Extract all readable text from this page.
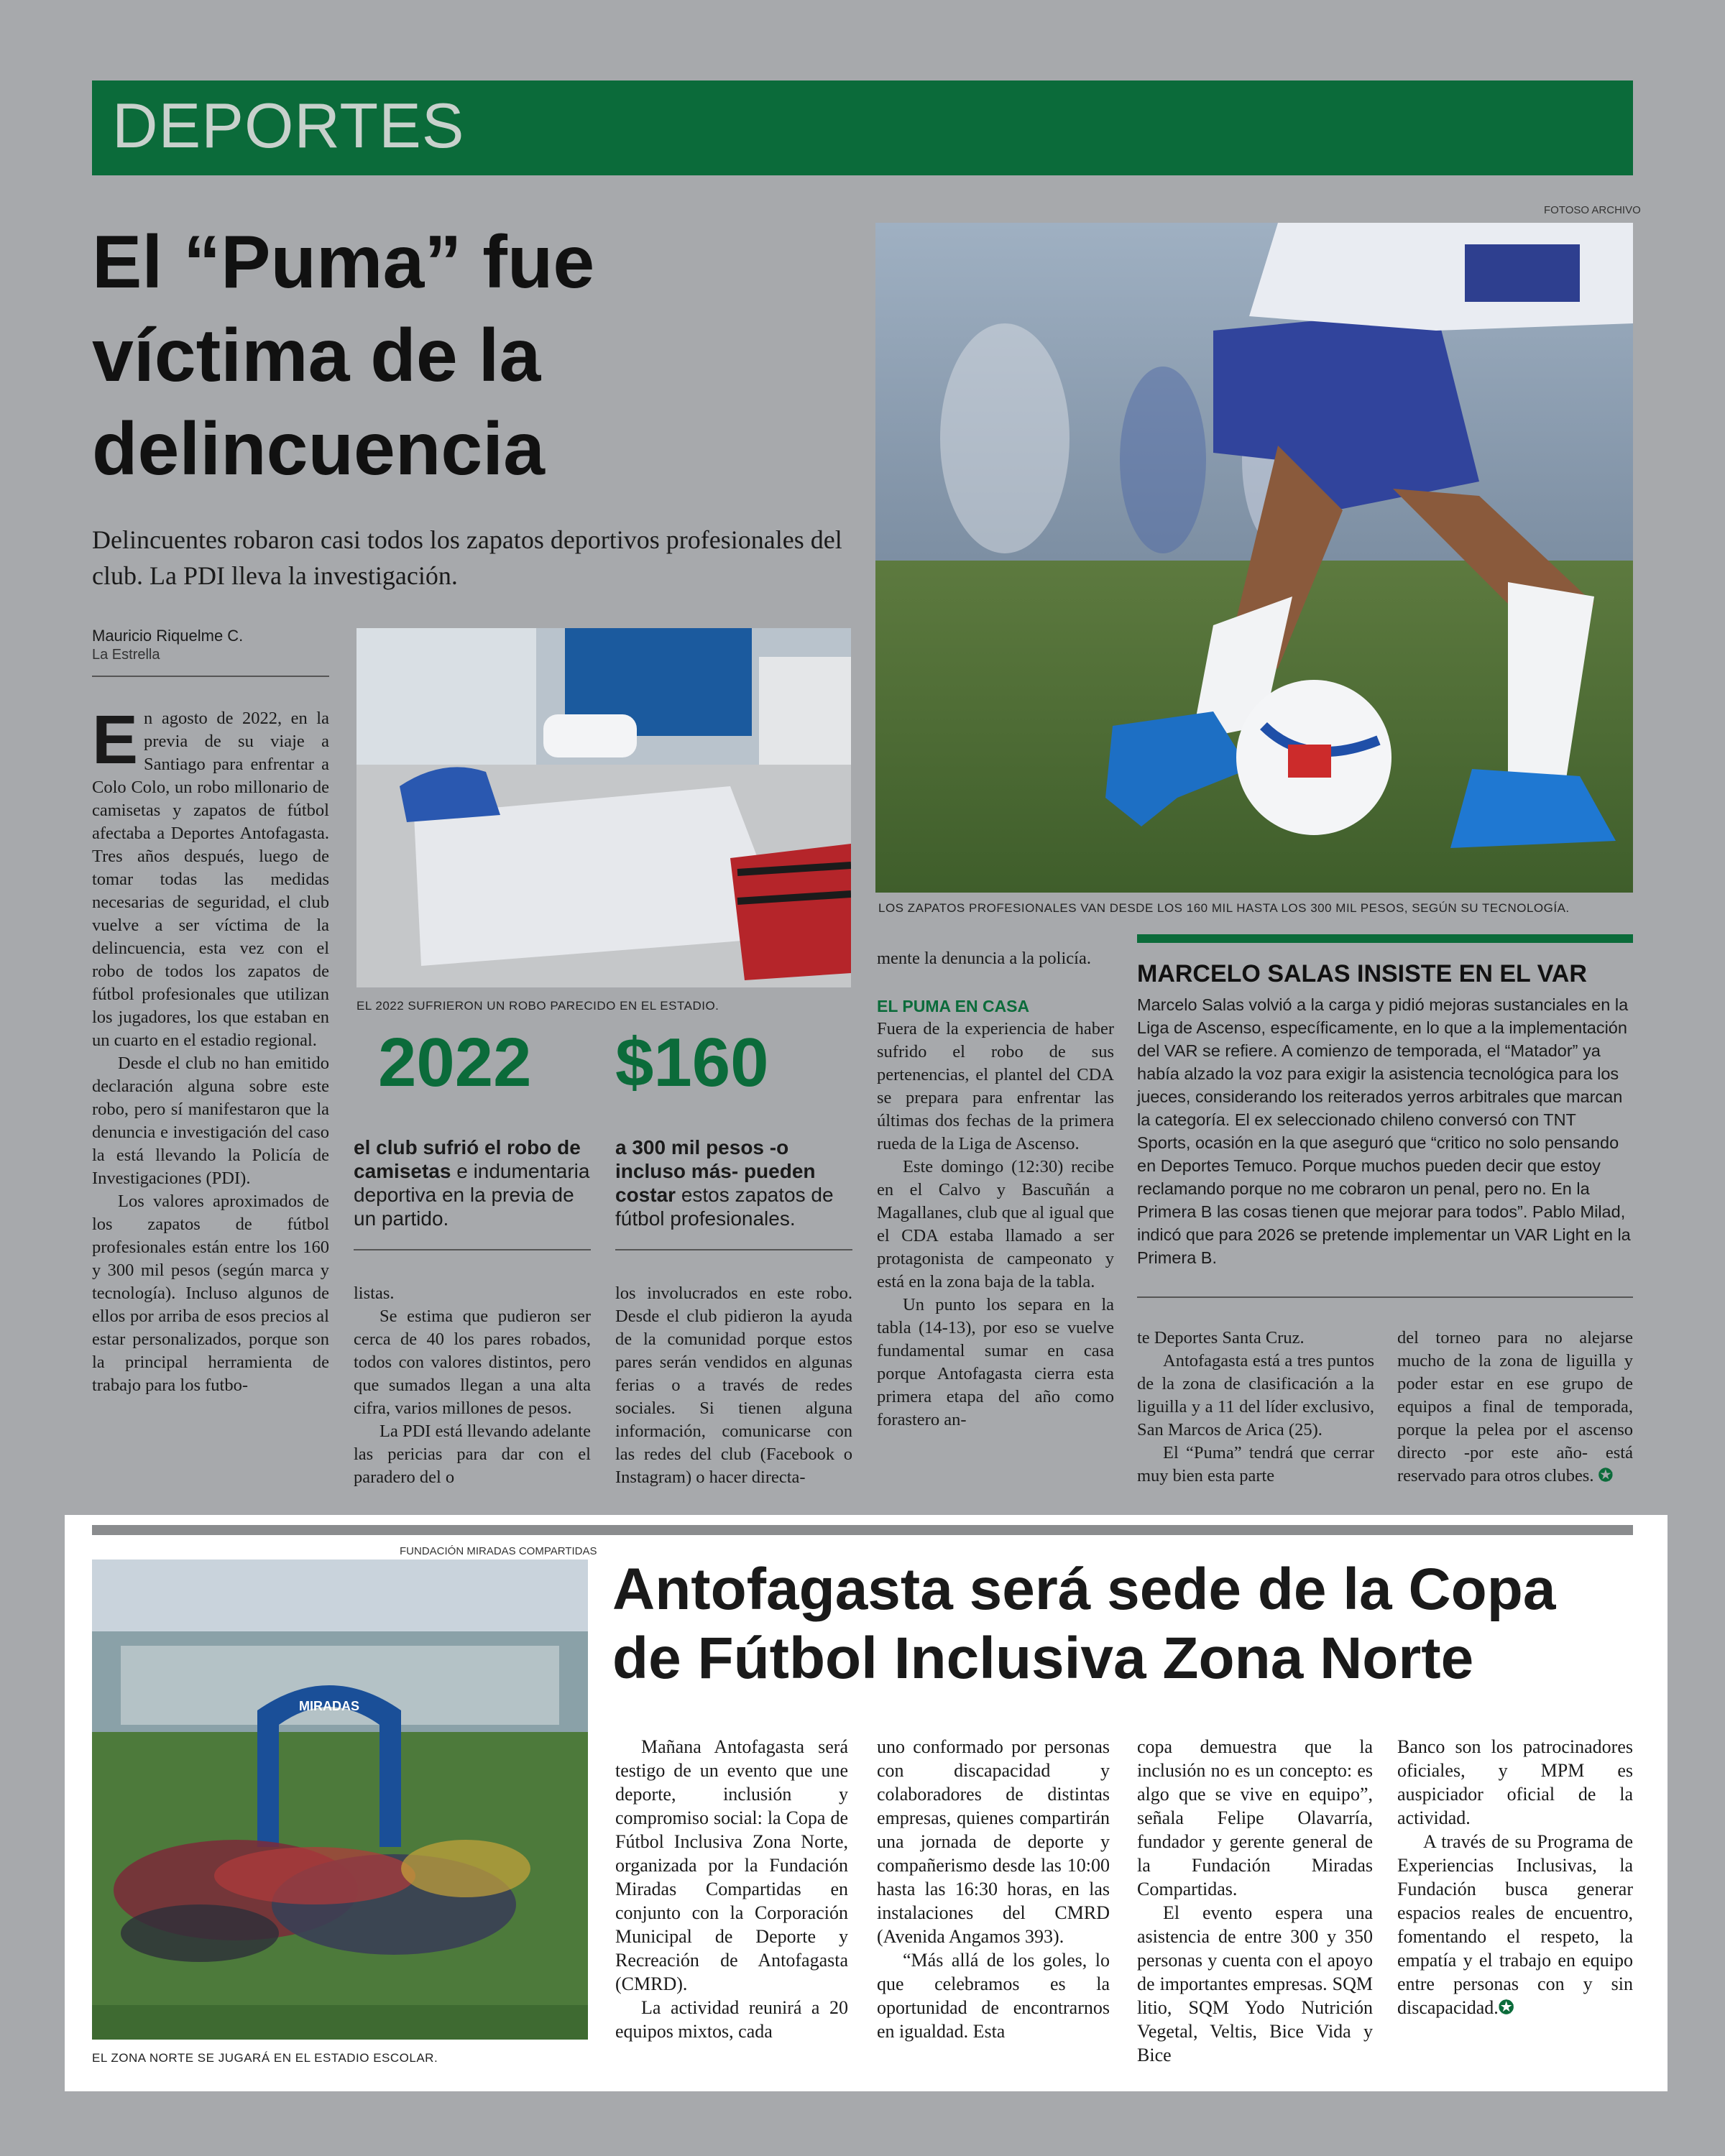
DEPORTES
El “Puma” fue víctima de la delincuencia

Delincuentes robaron casi todos los zapatos deportivos profesionales del club. La PDI lleva la investigación.

Mauricio Riquelme C.
La Estrella
FOTOSO ARCHIVO
LOS ZAPATOS PROFESIONALES VAN DESDE LOS 160 MIL HASTA LOS 300 MIL PESOS, SEGÚN SU TECNOLOGÍA.
EL 2022 SUFRIERON UN ROBO PARECIDO EN EL ESTADIO.

En agosto de 2022, en la previa de su viaje a Santiago para enfrentar a Colo Colo, un robo millonario de camisetas y zapatos de fútbol afectaba a Deportes Antofagasta. Tres años después, luego de tomar todas las medidas necesarias de seguridad, el club vuelve a ser víctima de la delincuencia, esta vez con el robo de todos los zapatos de fútbol profesionales que utilizan los jugadores, los que estaban en un cuarto en el estadio regional.

Desde el club no han emitido declaración alguna sobre este robo, pero sí manifestaron que la denuncia e investigación del caso la está llevando la Policía de Investigaciones (PDI).

Los valores aproximados de los zapatos de fútbol profesionales están entre los 160 y 300 mil pesos (según marca y tecnología). Incluso algunos de ellos por arriba de esos precios al estar personalizados, porque son la principal herramienta de trabajo para los futbo-

2022
el club sufrió el robo de camisetas e indumentaria deportiva en la previa de un partido.
$160
a 300 mil pesos -o incluso más- pueden costar estos zapatos de fútbol profesionales.

listas.

Se estima que pudieron ser cerca de 40 los pares robados, todos con valores distintos, pero que sumados llegan a una alta cifra, varios millones de pesos.

La PDI está llevando adelante las pericias para dar con el paradero del o

los involucrados en este robo. Desde el club pidieron la ayuda de la comunidad porque estos pares serán vendidos en algunas ferias o a través de redes sociales. Si tienen alguna información, comunicarse con las redes del club (Facebook o Instagram) o hacer directa-

mente la denuncia a la policía.

EL PUMA EN CASA

Fuera de la experiencia de haber sufrido el robo de sus pertenencias, el plantel del CDA se prepara para enfrentar las últimas dos fechas de la primera rueda de la Liga de Ascenso.

Este domingo (12:30) recibe en el Calvo y Bascuñán a Magallanes, club que al igual que el CDA estaba llamado a ser protagonista de campeonato y está en la zona baja de la tabla.

Un punto los separa en la tabla (14-13), por eso se vuelve fundamental sumar en casa porque Antofagasta cierra esta primera etapa del año como forastero an-

MARCELO SALAS INSISTE EN EL VAR

Marcelo Salas volvió a la carga y pidió mejoras sustanciales en la Liga de Ascenso, específicamente, en lo que a la implementación del VAR se refiere. A comienzo de temporada, el “Matador” ya había alzado la voz para exigir la asistencia tecnológica para los jueces, considerando los reiterados yerros arbitrales que marcan la categoría. El ex seleccionado chileno conversó con TNT Sports, ocasión en la que aseguró que “critico no solo pensando en Deportes Temuco. Porque muchos pueden decir que estoy reclamando porque no me cobraron un penal, pero no. En la Primera B las cosas tienen que mejorar para todos”. Pablo Milad, indicó que para 2026 se pretende implementar un VAR Light en la Primera B.

te Deportes Santa Cruz.

Antofagasta está a tres puntos de la zona de clasificación a la liguilla y a 11 del líder exclusivo, San Marcos de Arica (25).

El “Puma” tendrá que cerrar muy bien esta parte

del torneo para no alejarse mucho de la zona de liguilla y poder estar en ese grupo de equipos a final de temporada, porque la pelea por el ascenso directo -por este año- está reservado para otros clubes. ✪

FUNDACIÓN MIRADAS COMPARTIDAS
MIRADAS
EL ZONA NORTE SE JUGARÁ EN EL ESTADIO ESCOLAR.
Antofagasta será sede de la Copa de Fútbol Inclusiva Zona Norte

Mañana Antofagasta será testigo de un evento que une deporte, inclusión y compromiso social: la Copa de Fútbol Inclusiva Zona Norte, organizada por la Fundación Miradas Compartidas en conjunto con la Corporación Municipal de Deporte y Recreación de Antofagasta (CMRD).

La actividad reunirá a 20 equipos mixtos, cada

uno conformado por personas con discapacidad y colaboradores de distintas empresas, quienes compartirán una jornada de deporte y compañerismo desde las 10:00 hasta las 16:30 horas, en las instalaciones del CMRD (Avenida Angamos 393).

“Más allá de los goles, lo que celebramos es la oportunidad de encontrarnos en igualdad. Esta

copa demuestra que la inclusión no es un concepto: es algo que se vive en equipo”, señala Felipe Olavarría, fundador y gerente general de la Fundación Miradas Compartidas.

El evento espera una asistencia de entre 300 y 350 personas y cuenta con el apoyo de importantes empresas. SQM litio, SQM Yodo Nutrición Vegetal, Veltis, Bice Vida y Bice

Banco son los patrocinadores oficiales, y MPM es auspiciador oficial de la actividad.

A través de su Programa de Experiencias Inclusivas, la Fundación busca generar espacios reales de encuentro, fomentando el respeto, la empatía y el trabajo en equipo entre personas con y sin discapacidad.✪
